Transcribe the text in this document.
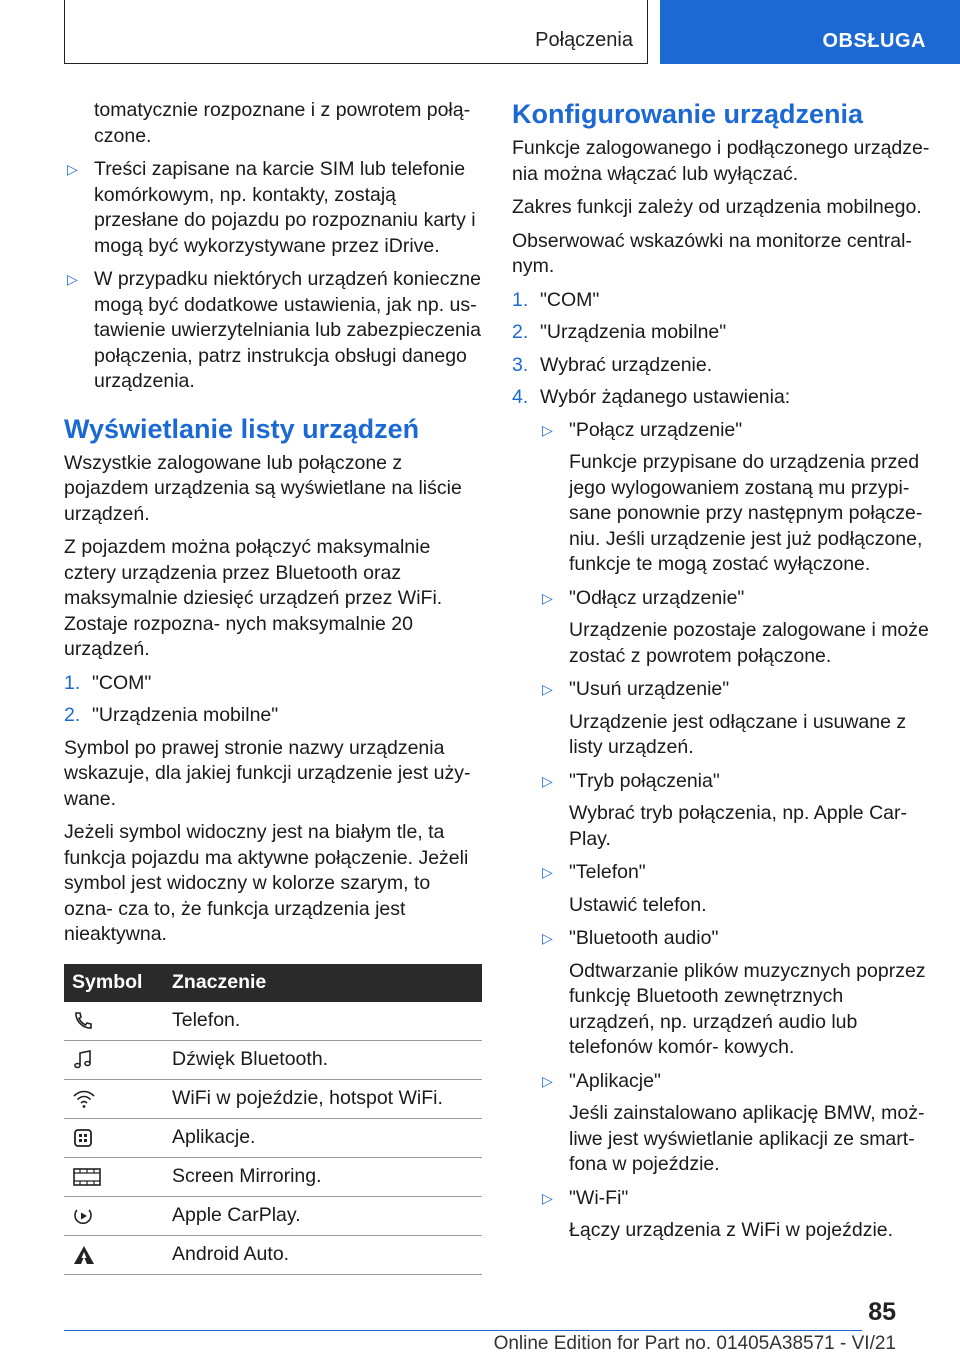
Połączenia	OBSŁUGA

tomatycznie rozpoznane i z powrotem połą‐
czone.

▷ Treści zapisane na karcie SIM lub telefonie komórkowym, np. kontakty, zostają przesłane do pojazdu po rozpoznaniu karty i mogą być wykorzystywane przez iDrive.
▷ W przypadku niektórych urządzeń konieczne mogą być dodatkowe ustawienia, jak np. us‐ tawienie uwierzytelniania lub zabezpieczenia połączenia, patrz instrukcja obsługi danego urządzenia.
Wyświetlanie listy urządzeń

Wszystkie zalogowane lub połączone z pojazdem urządzenia są wyświetlane na liście urządzeń.

Z pojazdem można połączyć maksymalnie cztery urządzenia przez Bluetooth oraz maksymalnie dziesięć urządzeń przez WiFi. Zostaje rozpozna‐ nych maksymalnie 20 urządzeń.

1. "COM"
2. "Urządzenia mobilne"

Symbol po prawej stronie nazwy urządzenia wskazuje, dla jakiej funkcji urządzenie jest uży‐ wane.

Jeżeli symbol widoczny jest na białym tle, ta funkcja pojazdu ma aktywne połączenie. Jeżeli symbol jest widoczny w kolorze szarym, to ozna‐ cza to, że funkcja urządzenia jest nieaktywna.

Symbol	Znaczenie

	Telefon.

	Dźwięk Bluetooth.

	WiFi w pojeździe, hotspot WiFi.

	Aplikacje.

	Screen Mirroring.

	Apple CarPlay.

	Android Auto.
Konfigurowanie urządzenia

Funkcje zalogowanego i podłączonego urządze‐ nia można włączać lub wyłączać.

Zakres funkcji zależy od urządzenia mobilnego.

Obserwować wskazówki na monitorze central‐ nym.

1. "COM"
2. "Urządzenia mobilne"
3. Wybrać urządzenie.
4. Wybór żądanego ustawienia:
▷ "Połącz urządzenie"
Funkcje przypisane do urządzenia przed jego wylogowaniem zostaną mu przypi‐ sane ponownie przy następnym połącze‐ niu. Jeśli urządzenie jest już podłączone, funkcje te mogą zostać wyłączone.
▷ "Odłącz urządzenie"
Urządzenie pozostaje zalogowane i może zostać z powrotem połączone.
▷ "Usuń urządzenie"
Urządzenie jest odłączane i usuwane z listy urządzeń.
▷ "Tryb połączenia"
Wybrać tryb połączenia, np. Apple Car‐ Play.
▷ "Telefon"
Ustawić telefon.
▷ "Bluetooth audio"
Odtwarzanie plików muzycznych poprzez funkcję Bluetooth zewnętrznych urządzeń, np. urządzeń audio lub telefonów komór‐ kowych.
▷ "Aplikacje"
Jeśli zainstalowano aplikację BMW, moż‐ liwe jest wyświetlanie aplikacji ze smart‐ fona w pojeździe.
▷ "Wi-Fi"
Łączy urządzenia z WiFi w pojeździe.
85
Online Edition for Part no. 01405A38571 - VI/21
